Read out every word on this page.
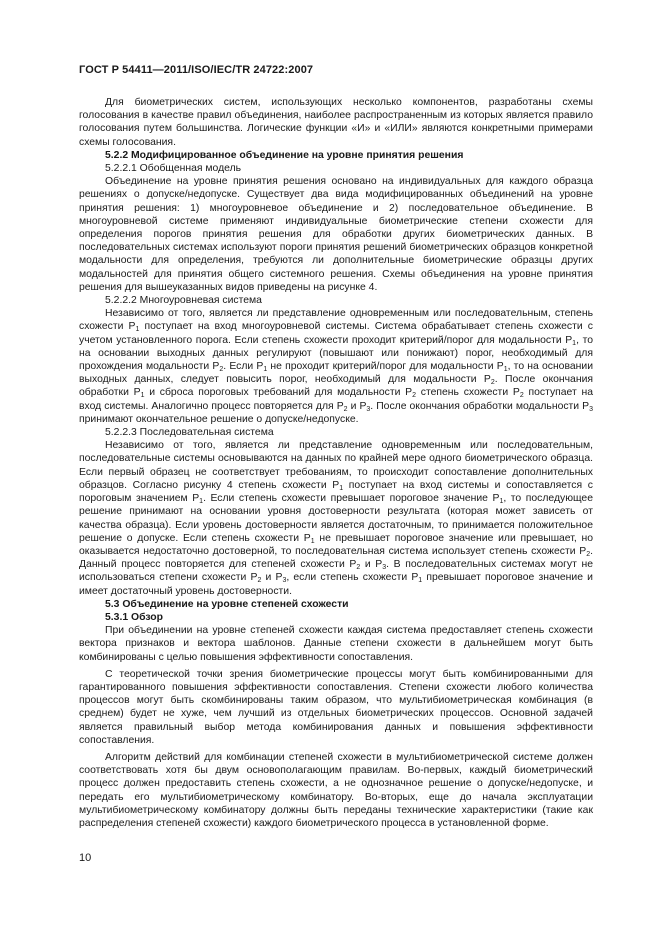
ГОСТ Р 54411—2011/ISO/IEC/TR 24722:2007

Для биометрических систем, использующих несколько компонентов, разработаны схемы голосования в качестве правил объединения, наиболее распространенным из которых является правило голосования путем большинства. Логические функции «И» и «ИЛИ» являются конкретными примерами схемы голосования.

5.2.2 Модифицированное объединение на уровне принятия решения

5.2.2.1 Обобщенная модель

Объединение на уровне принятия решения основано на индивидуальных для каждого образца решениях о допуске/недопуске. Существует два вида модифицированных объединений на уровне принятия решения: 1) многоуровневое объединение и 2) последовательное объединение. В многоуровневой системе применяют индивидуальные биометрические степени схожести для определения порогов принятия решения для обработки других биометрических данных. В последовательных системах используют пороги принятия решений биометрических образцов конкретной модальности для определения, требуются ли дополнительные биометрические образцы других модальностей для принятия общего системного решения. Схемы объединения на уровне принятия решения для вышеуказанных видов приведены на рисунке 4.

5.2.2.2 Многоуровневая система

Независимо от того, является ли представление одновременным или последовательным, степень схожести $P_1$ поступает на вход многоуровневой системы. Система обрабатывает степень схожести с учетом установленного порога. Если степень схожести проходит критерий/порог для модальности $P_1$, то на основании выходных данных регулируют (повышают или понижают) порог, необходимый для прохождения модальности $P_2$. Если $P_1$ не проходит критерий/порог для модальности $P_1$, то на основании выходных данных, следует повысить порог, необходимый для модальности $P_2$. После окончания обработки $P_1$ и сброса пороговых требований для модальности $P_2$ степень схожести $P_2$ поступает на вход системы. Аналогично процесс повторяется для $P_2$ и $P_3$. После окончания обработки модальности $P_3$ принимают окончательное решение о допуске/недопуске.

5.2.2.3 Последовательная система

Независимо от того, является ли представление одновременным или последовательным, последовательные системы основываются на данных по крайней мере одного биометрического образца. Если первый образец не соответствует требованиям, то происходит сопоставление дополнительных образцов. Согласно рисунку 4 степень схожести $P_1$ поступает на вход системы и сопоставляется с пороговым значением $P_1$. Если степень схожести превышает пороговое значение $P_1$, то последующее решение принимают на основании уровня достоверности результата (которая может зависеть от качества образца). Если уровень достоверности является достаточным, то принимается положительное решение о допуске. Если степень схожести $P_1$ не превышает пороговое значение или превышает, но оказывается недостаточно достоверной, то последовательная система использует степень схожести $P_2$. Данный процесс повторяется для степеней схожести $P_2$ и $P_3$. В последовательных системах могут не использоваться степени схожести $P_2$ и $P_3$, если степень схожести $P_1$ превышает пороговое значение и имеет достаточный уровень достоверности.

5.3 Объединение на уровне степеней схожести

5.3.1 Обзор

При объединении на уровне степеней схожести каждая система предоставляет степень схожести вектора признаков и вектора шаблонов. Данные степени схожести в дальнейшем могут быть комбинированы с целью повышения эффективности сопоставления.

С теоретической точки зрения биометрические процессы могут быть комбинированными для гарантированного повышения эффективности сопоставления. Степени схожести любого количества процессов могут быть скомбинированы таким образом, что мультибиометрическая комбинация (в среднем) будет не хуже, чем лучший из отдельных биометрических процессов. Основной задачей является правильный выбор метода комбинирования данных и повышения эффективности сопоставления.

Алгоритм действий для комбинации степеней схожести в мультибиометрической системе должен соответствовать хотя бы двум основополагающим правилам. Во-первых, каждый биометрический процесс должен предоставить степень схожести, а не однозначное решение о допуске/недопуске, и передать его мультибиометрическому комбинатору. Во-вторых, еще до начала эксплуатации мультибиометрическому комбинатору должны быть переданы технические характеристики (такие как распределения степеней схожести) каждого биометрического процесса в установленной форме.

10
